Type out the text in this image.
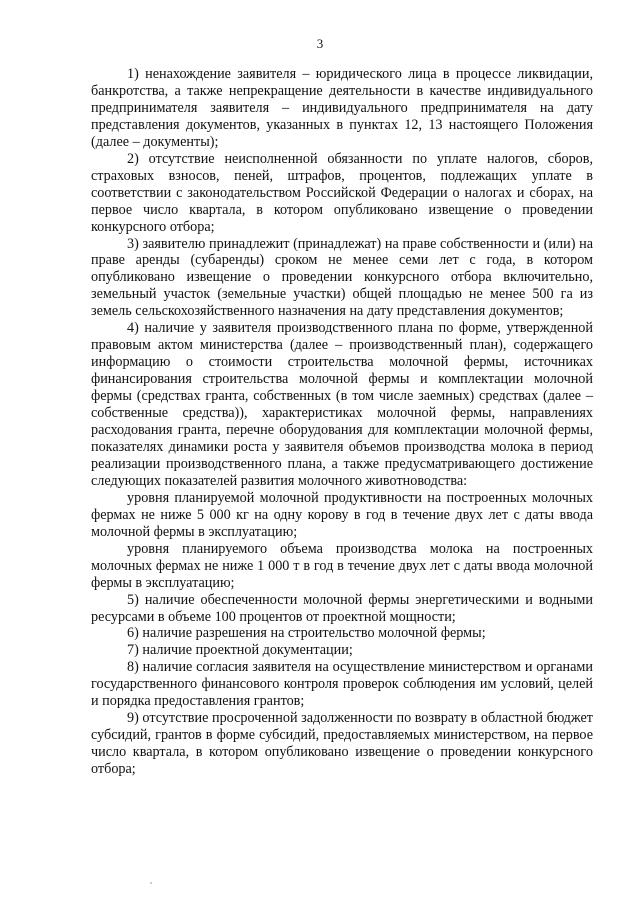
3

1) ненахождение заявителя – юридического лица в процессе ликвидации, банкротства, а также непрекращение деятельности в качестве индивидуального предпринимателя заявителя – индивидуального предпринимателя на дату представления документов, указанных в пунктах 12, 13 настоящего Положения (далее – документы);

2) отсутствие неисполненной обязанности по уплате налогов, сборов, страховых взносов, пеней, штрафов, процентов, подлежащих уплате в соответствии с законодательством Российской Федерации о налогах и сборах, на первое число квартала, в котором опубликовано извещение о проведении конкурсного отбора;

3) заявителю принадлежит (принадлежат) на праве собственности и (или) на праве аренды (субаренды) сроком не менее семи лет с года, в котором опубликовано извещение о проведении конкурсного отбора включительно, земельный участок (земельные участки) общей площадью не менее 500 га из земель сельскохозяйственного назначения на дату представления документов;

4) наличие у заявителя производственного плана по форме, утвержденной правовым актом министерства (далее – производственный план), содержащего информацию о стоимости строительства молочной фермы, источниках финансирования строительства молочной фермы и комплектации молочной фермы (средствах гранта, собственных (в том числе заемных) средствах (далее – собственные средства)), характеристиках молочной фермы, направлениях расходования гранта, перечне оборудования для комплектации молочной фермы, показателях динамики роста у заявителя объемов производства молока в период реализации производственного плана, а также предусматривающего достижение следующих показателей развития молочного животноводства:

уровня планируемой молочной продуктивности на построенных молочных фермах не ниже 5 000 кг на одну корову в год в течение двух лет с даты ввода молочной фермы в эксплуатацию;

уровня планируемого объема производства молока на построенных молочных фермах не ниже 1 000 т в год в течение двух лет с даты ввода молочной фермы в эксплуатацию;

5) наличие обеспеченности молочной фермы энергетическими и водными ресурсами в объеме 100 процентов от проектной мощности;

6) наличие разрешения на строительство молочной фермы;

7) наличие проектной документации;

8) наличие согласия заявителя на осуществление министерством и органами государственного финансового контроля проверок соблюдения им условий, целей и порядка предоставления грантов;

9) отсутствие просроченной задолженности по возврату в областной бюджет субсидий, грантов в форме субсидий, предоставляемых министерством, на первое число квартала, в котором опубликовано извещение о проведении конкурсного отбора;
